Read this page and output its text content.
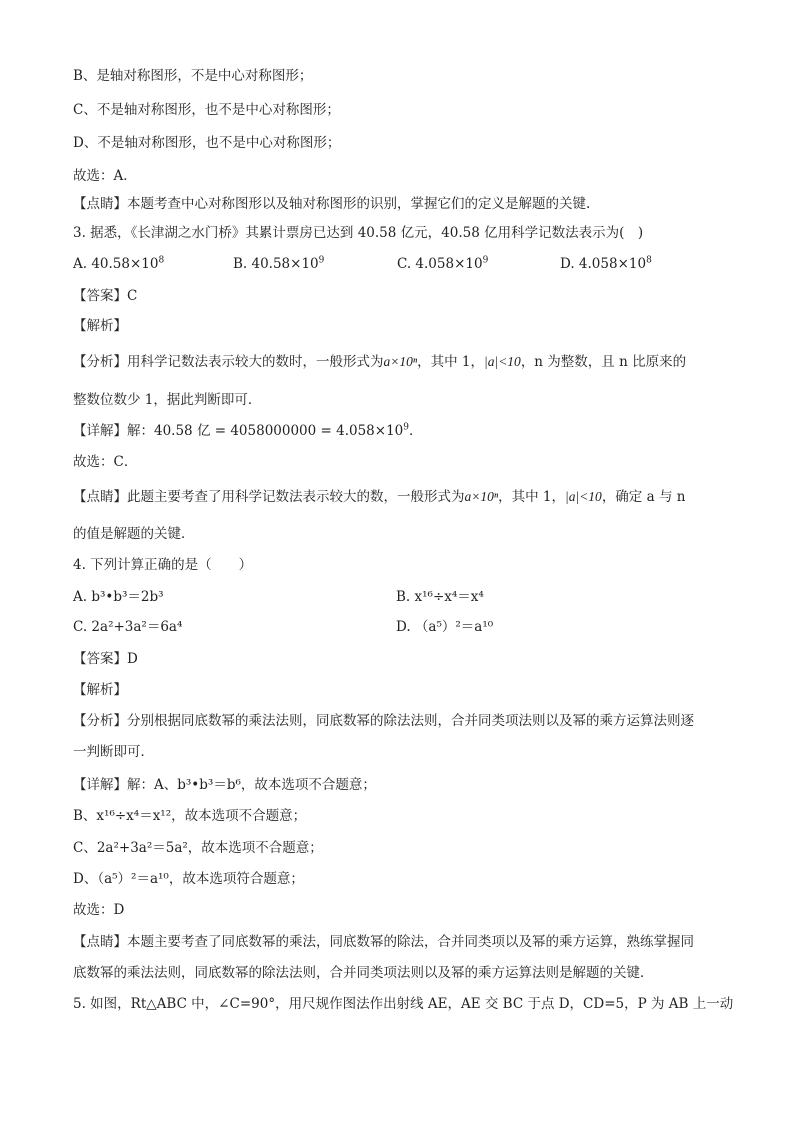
B、是轴对称图形，不是中心对称图形；
C、不是轴对称图形，也不是中心对称图形；
D、不是轴对称图形，也不是中心对称图形；
故选：A．
【点睛】本题考查中心对称图形以及轴对称图形的识别，掌握它们的定义是解题的关键.
3. 据悉，《长津湖之水门桥》其累计票房已达到 40.58 亿元，40.58 亿用科学记数法表示为(　)
A. $40.58\times 10^8$	B. $40.58\times 10^9$	C. $4.058\times 10^9$	D. $4.058\times 10^8$
【答案】C
【解析】
【分析】用科学记数法表示较大的数时，一般形式为a×10ⁿ，其中 1，|a|<10，n 为整数，且 n 比原来的
整数位数少 1，据此判断即可．
【详解】解：40.58 亿 = $4058000000 = 4.058\times 10^9$．
故选：C．
【点睛】此题主要考查了用科学记数法表示较大的数，一般形式为a×10ⁿ，其中 1，|a|<10，确定 a 与 n
的值是解题的关键．
4. 下列计算正确的是（　　）
A. b³•b³＝2b³	B. x¹⁶÷x⁴＝x⁴
C. 2a²+3a²＝6a⁴	D. （a⁵）²＝a¹⁰
【答案】D
【解析】
【分析】分别根据同底数幂的乘法法则，同底数幂的除法法则，合并同类项法则以及幂的乘方运算法则逐
一判断即可．
【详解】解：A、b³•b³＝b⁶，故本选项不合题意；
B、x¹⁶÷x⁴＝x¹²，故本选项不合题意；
C、2a²+3a²＝5a²，故本选项不合题意；
D、（a⁵）²＝a¹⁰，故本选项符合题意；
故选：D
【点睛】本题主要考查了同底数幂的乘法，同底数幂的除法，合并同类项以及幂的乘方运算，熟练掌握同
底数幂的乘法法则，同底数幂的除法法则，合并同类项法则以及幂的乘方运算法则是解题的关键．
5. 如图，Rt△ABC 中，∠C=90°，用尺规作图法作出射线 AE，AE 交 BC 于点 D，CD=5，P 为 AB 上一动
